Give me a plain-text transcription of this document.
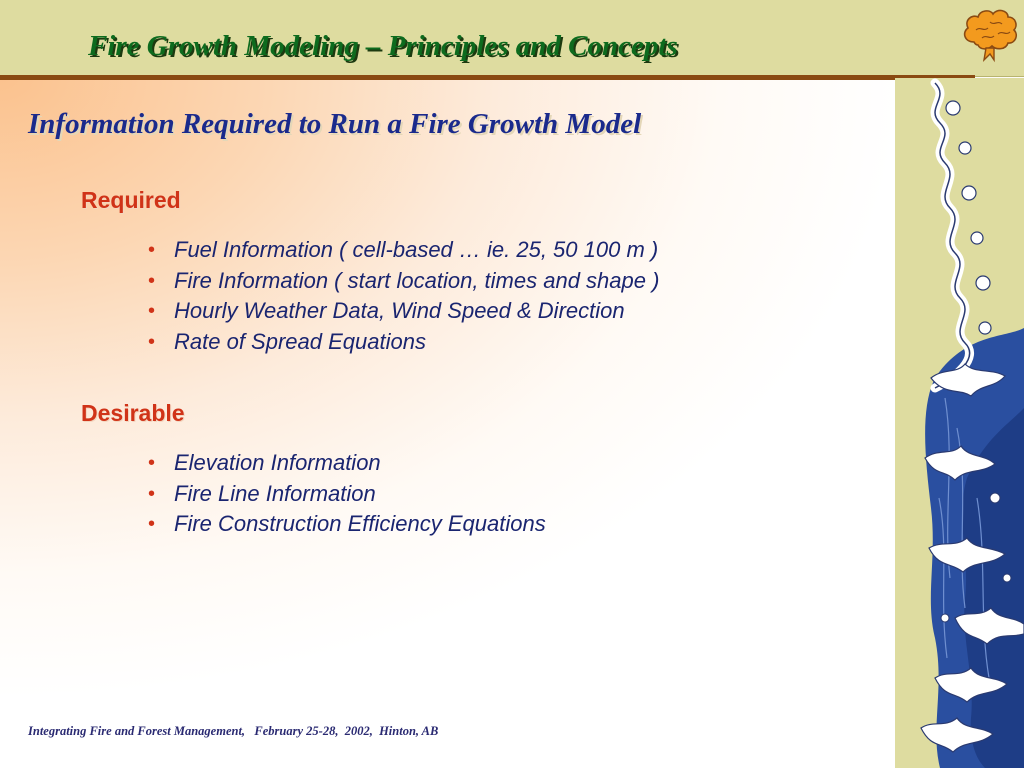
Fire Growth Modeling – Principles and Concepts
Information Required to Run a Fire Growth Model
Required
• Fuel Information ( cell-based … ie. 25, 50 100 m )
• Fire Information ( start location, times and shape )
• Hourly Weather Data, Wind Speed & Direction
• Rate of Spread Equations
Desirable
• Elevation Information
• Fire Line Information
• Fire Construction Efficiency Equations

Integrating Fire and Forest Management,   February 25-28,  2002,  Hinton, AB
